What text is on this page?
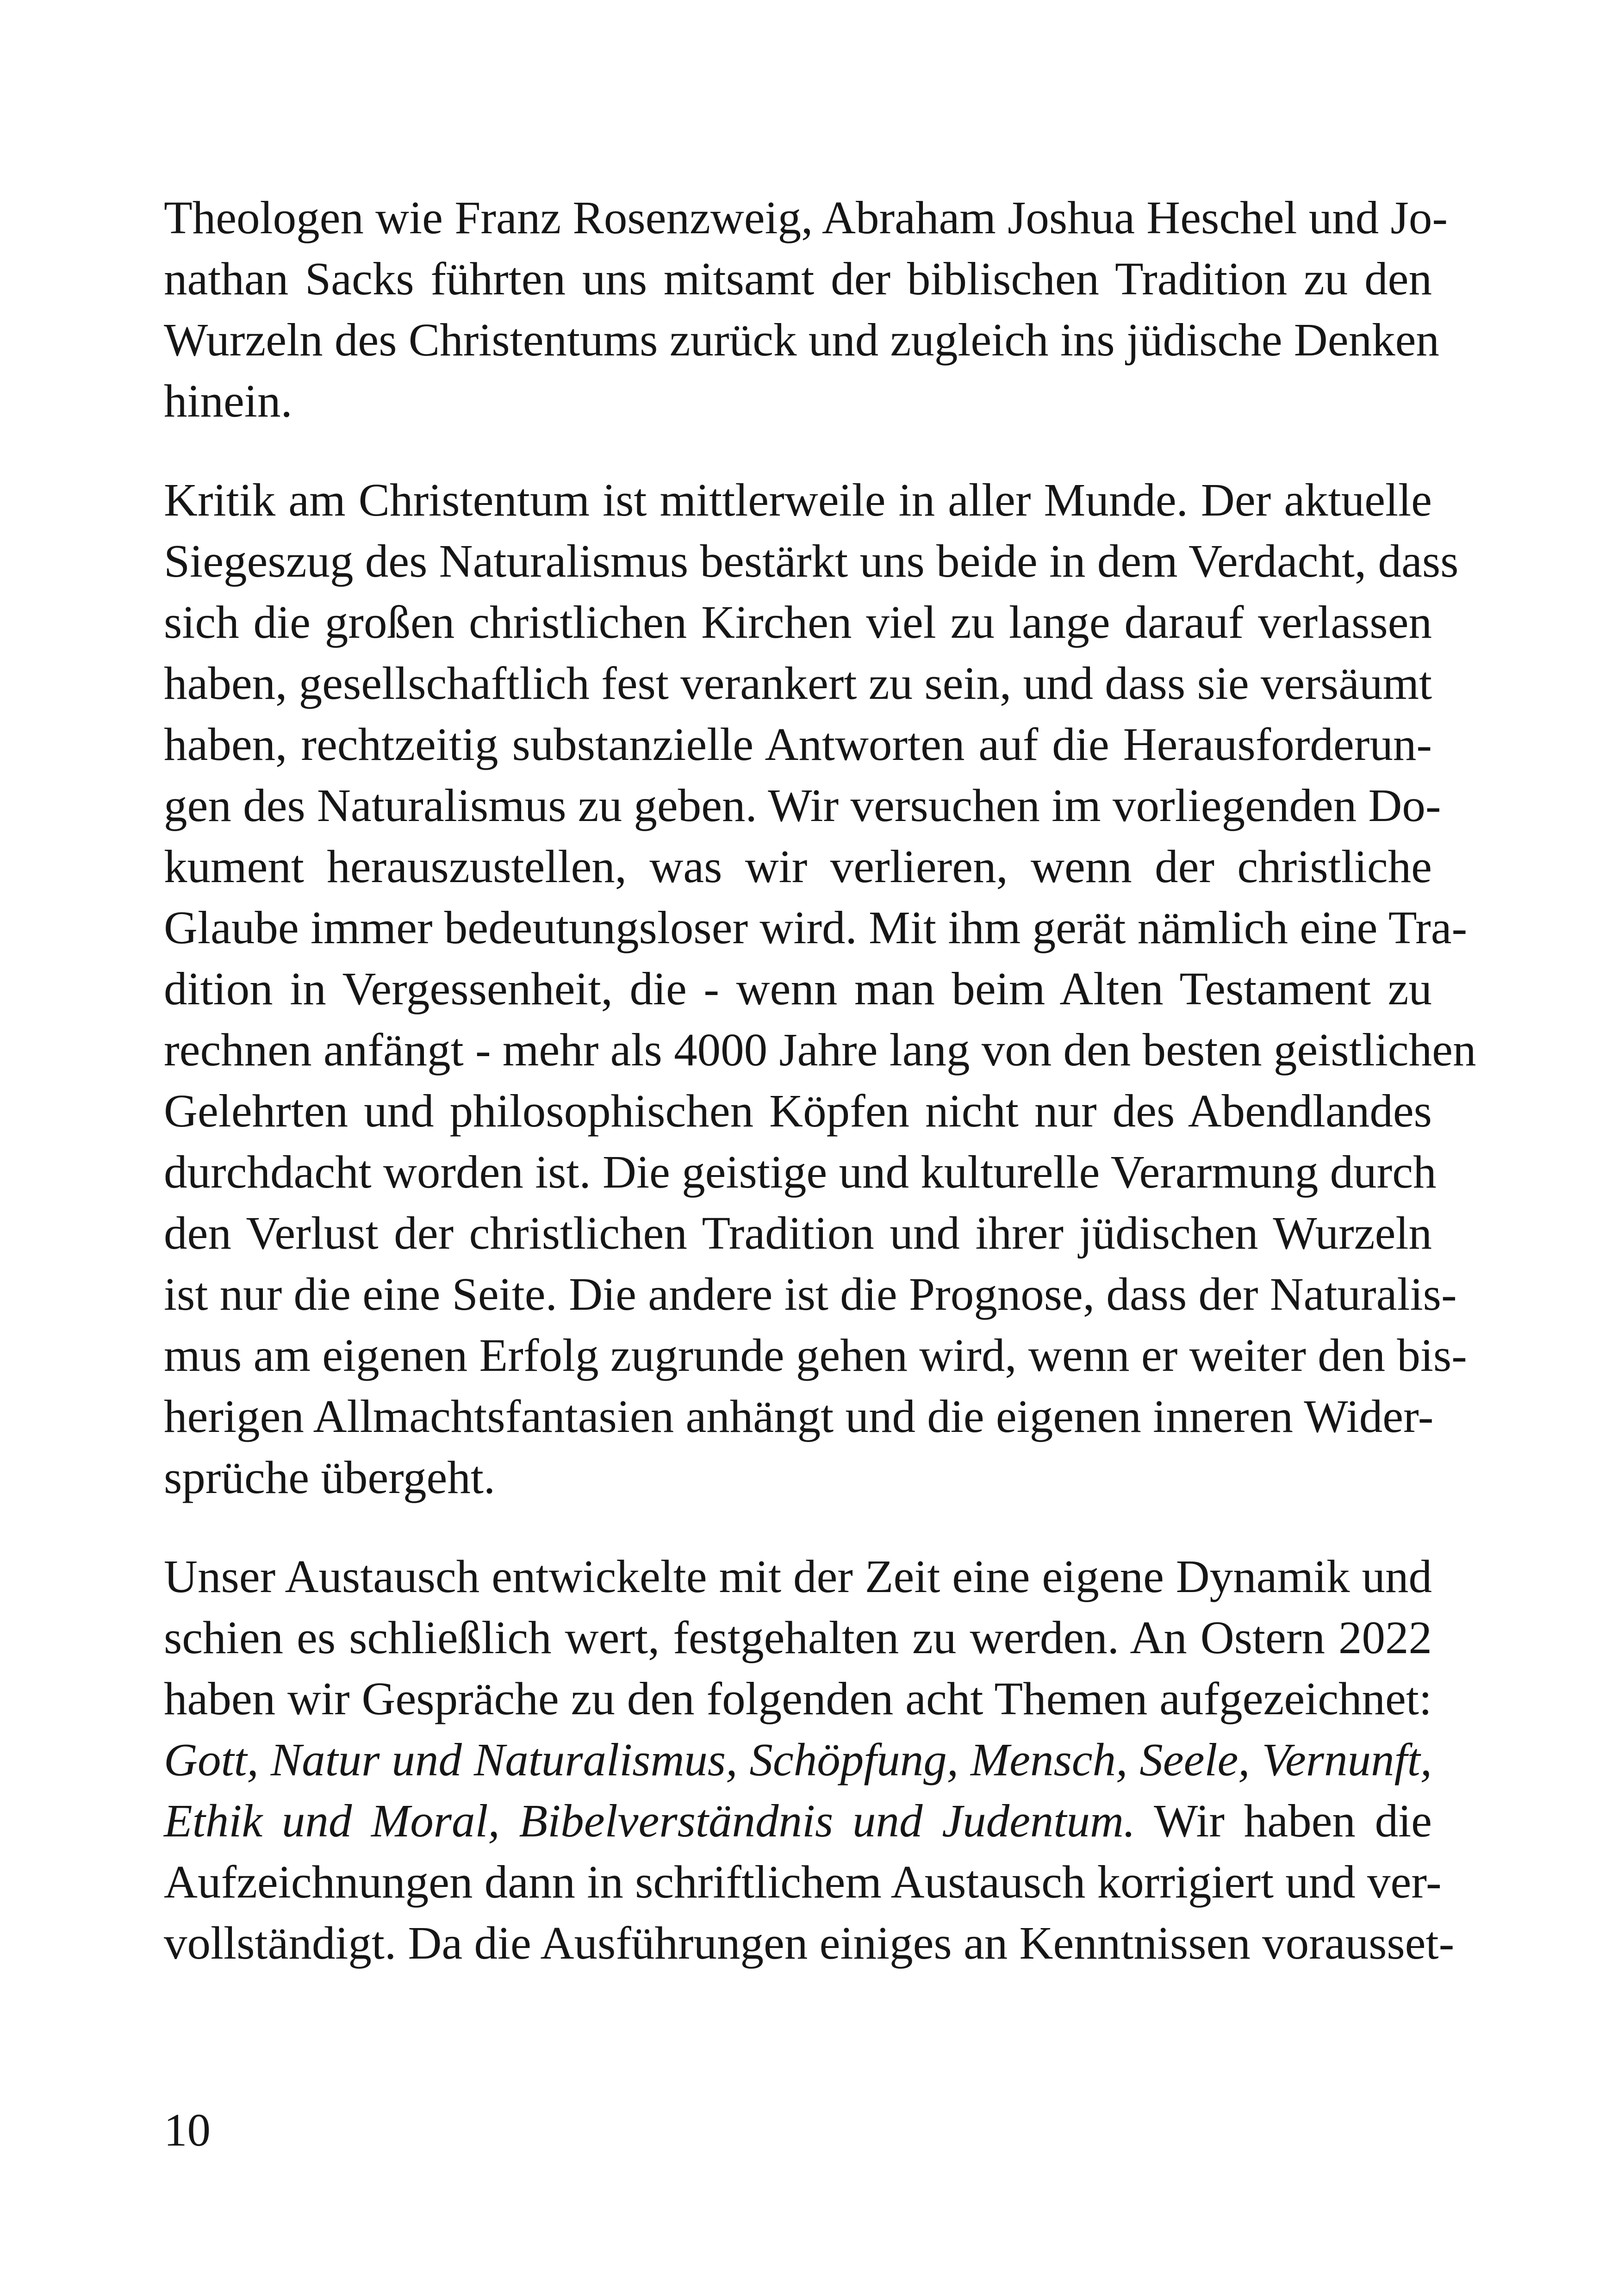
Theologen wie Franz Rosenzweig, Abraham Joshua Heschel und Jo-
nathan Sacks führten uns mitsamt der biblischen Tradition zu den
Wurzeln des Christentums zurück und zugleich ins jüdische Denken
hinein.
Kritik am Christentum ist mittlerweile in aller Munde. Der aktuelle
Siegeszug des Naturalismus bestärkt uns beide in dem Verdacht, dass
sich die großen christlichen Kirchen viel zu lange darauf verlassen
haben, gesellschaftlich fest verankert zu sein, und dass sie versäumt
haben, rechtzeitig substanzielle Antworten auf die Herausforderun-
gen des Naturalismus zu geben. Wir versuchen im vorliegenden Do-
kument herauszustellen, was wir verlieren, wenn der christliche
Glaube immer bedeutungsloser wird. Mit ihm gerät nämlich eine Tra-
dition in Vergessenheit, die - wenn man beim Alten Testament zu
rechnen anfängt - mehr als 4000 Jahre lang von den besten geistlichen
Gelehrten und philosophischen Köpfen nicht nur des Abendlandes
durchdacht worden ist. Die geistige und kulturelle Verarmung durch
den Verlust der christlichen Tradition und ihrer jüdischen Wurzeln
ist nur die eine Seite. Die andere ist die Prognose, dass der Naturalis-
mus am eigenen Erfolg zugrunde gehen wird, wenn er weiter den bis-
herigen Allmachtsfantasien anhängt und die eigenen inneren Wider-
sprüche übergeht.
Unser Austausch entwickelte mit der Zeit eine eigene Dynamik und
schien es schließlich wert, festgehalten zu werden. An Ostern 2022
haben wir Gespräche zu den folgenden acht Themen aufgezeichnet:
Gott, Natur und Naturalismus, Schöpfung, Mensch, Seele, Vernunft,
Ethik und Moral, Bibelverständnis und Judentum. Wir haben die
Aufzeichnungen dann in schriftlichem Austausch korrigiert und ver-
vollständigt. Da die Ausführungen einiges an Kenntnissen vorausset-
10
